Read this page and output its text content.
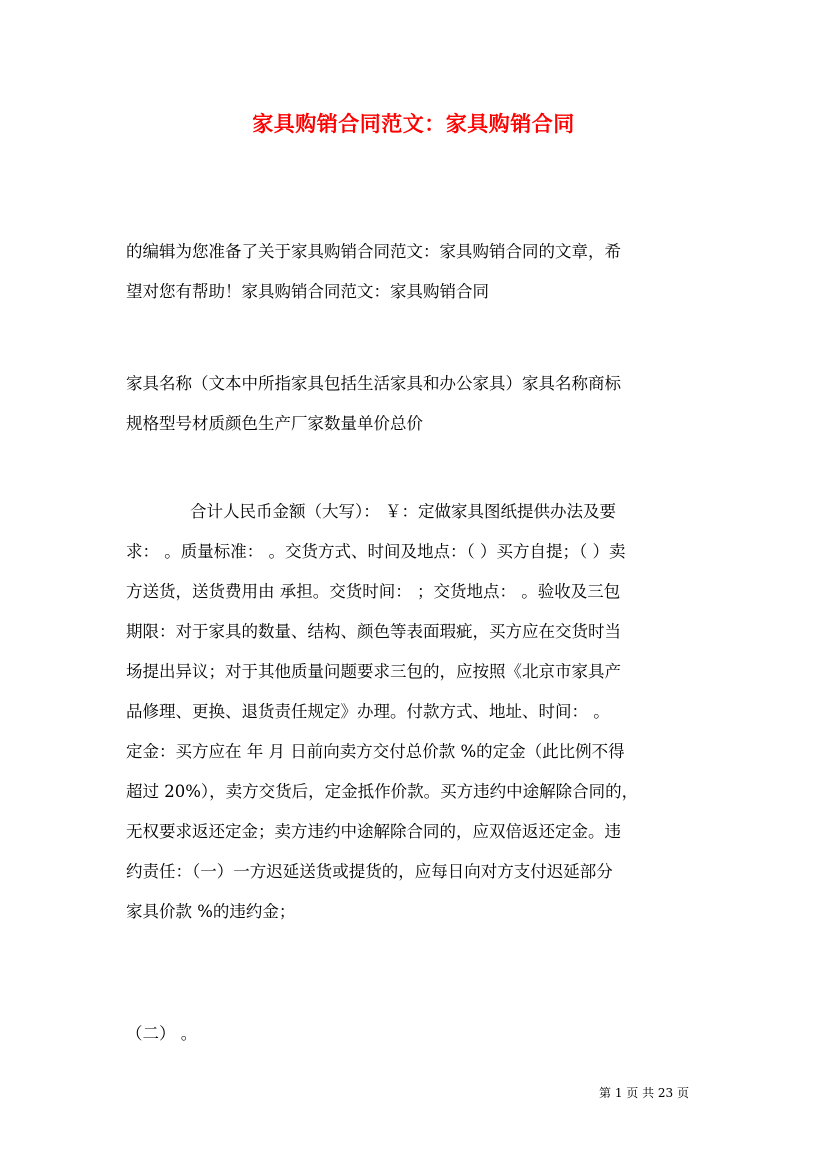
家具购销合同范文：家具购销合同
的编辑为您准备了关于家具购销合同范文：家具购销合同的文章，希
望对您有帮助！家具购销合同范文：家具购销合同
家具名称（文本中所指家具包括生活家具和办公家具）家具名称商标
规格型号材质颜色生产厂家数量单价总价
合计人民币金额（大写）： ￥：定做家具图纸提供办法及要
求： 。质量标准： 。交货方式、时间及地点：（ ）买方自提；（ ）卖
方送货，送货费用由 承担。交货时间： ；交货地点： 。验收及三包
期限：对于家具的数量、结构、颜色等表面瑕疵，买方应在交货时当
场提出异议；对于其他质量问题要求三包的，应按照《北京市家具产
品修理、更换、退货责任规定》办理。付款方式、地址、时间： 。
定金：买方应在 年 月 日前向卖方交付总价款 %的定金（此比例不得
超过 20%），卖方交货后，定金抵作价款。买方违约中途解除合同的，
无权要求返还定金；卖方违约中途解除合同的，应双倍返还定金。违
约责任：（一）一方迟延送货或提货的，应每日向对方支付迟延部分
家具价款 %的违约金；
（二） 。
第 1 页 共 23 页
